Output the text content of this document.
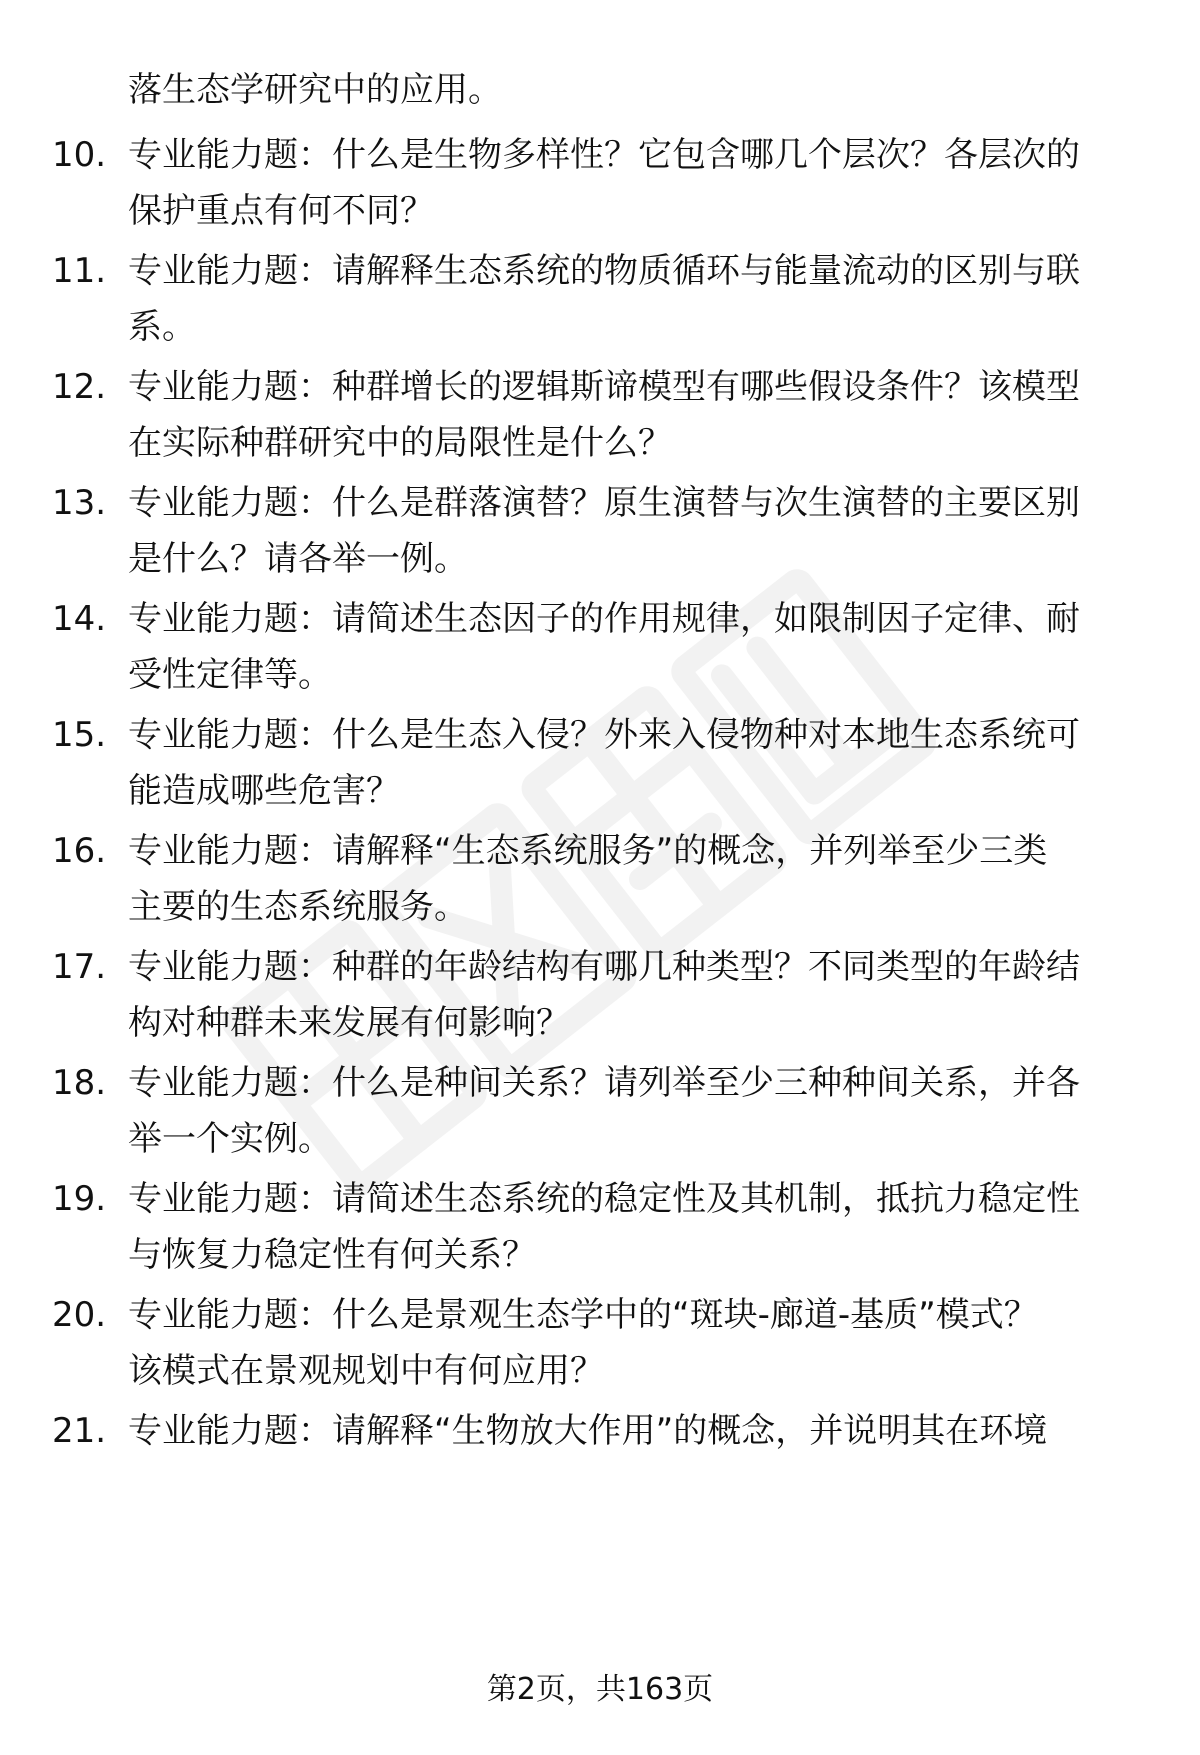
落生态学研究中的应用。
10. 专业能力题：什么是生物多样性？它包含哪几个层次？各层次的
保护重点有何不同？
11. 专业能力题：请解释生态系统的物质循环与能量流动的区别与联
系。
12. 专业能力题：种群增长的逻辑斯谛模型有哪些假设条件？该模型
在实际种群研究中的局限性是什么？
13. 专业能力题：什么是群落演替？原生演替与次生演替的主要区别
是什么？请各举一例。
14. 专业能力题：请简述生态因子的作用规律，如限制因子定律、耐
受性定律等。
15. 专业能力题：什么是生态入侵？外来入侵物种对本地生态系统可
能造成哪些危害？
16. 专业能力题：请解释“生态系统服务”的概念，并列举至少三类
主要的生态系统服务。
17. 专业能力题：种群的年龄结构有哪几种类型？不同类型的年龄结
构对种群未来发展有何影响？
18. 专业能力题：什么是种间关系？请列举至少三种种间关系，并各
举一个实例。
19. 专业能力题：请简述生态系统的稳定性及其机制，抵抗力稳定性
与恢复力稳定性有何关系？
20. 专业能力题：什么是景观生态学中的“斑块-廊道-基质”模式？
该模式在景观规划中有何应用？
21. 专业能力题：请解释“生物放大作用”的概念，并说明其在环境
第2页，共163页
